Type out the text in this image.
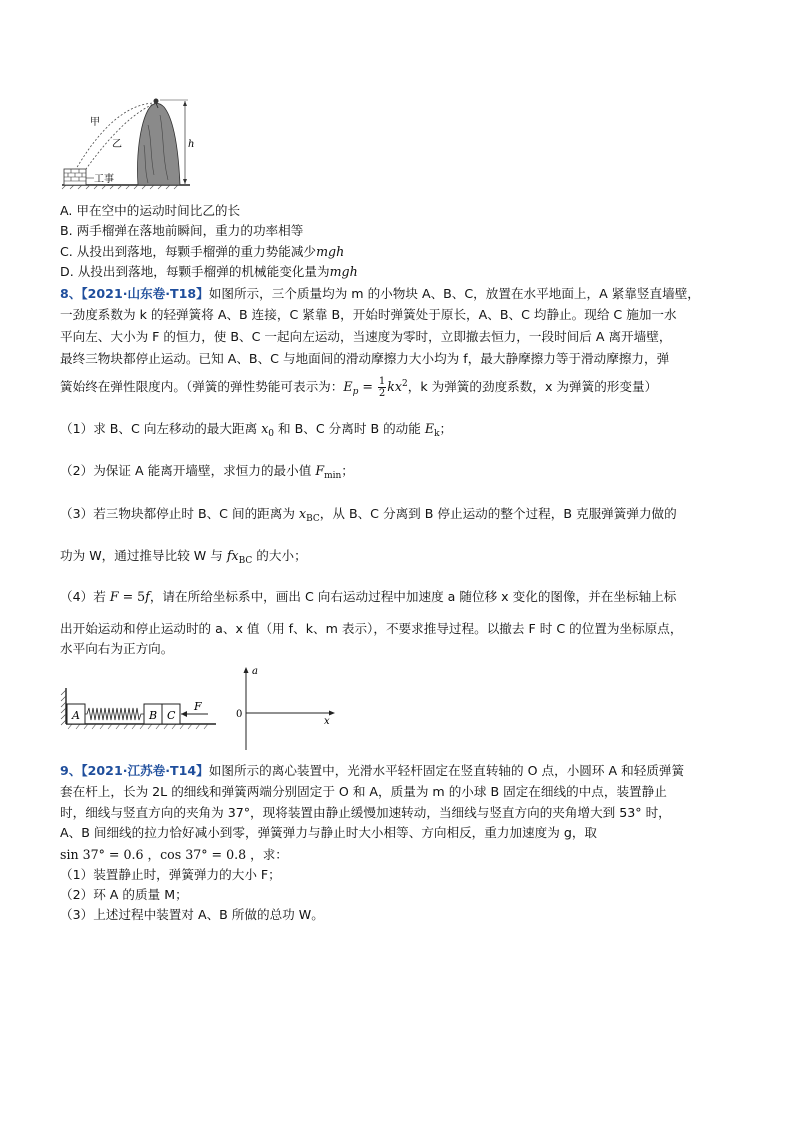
h
甲
乙
工事
A. 甲在空中的运动时间比乙的长
B. 两手榴弹在落地前瞬间，重力的功率相等
C. 从投出到落地，每颗手榴弹的重力势能减少mgh
D. 从投出到落地，每颗手榴弹的机械能变化量为mgh
8、【2021·山东卷·T18】如图所示，三个质量均为 m 的小物块 A、B、C，放置在水平地面上，A 紧靠竖直墙壁，
一劲度系数为 k 的轻弹簧将 A、B 连接，C 紧靠 B，开始时弹簧处于原长，A、B、C 均静止。现给 C 施加一水
平向左、大小为 F 的恒力，使 B、C 一起向左运动，当速度为零时，立即撤去恒力，一段时间后 A 离开墙壁，
最终三物块都停止运动。已知 A、B、C 与地面间的滑动摩擦力大小均为 f，最大静摩擦力等于滑动摩擦力，弹
簧始终在弹性限度内。（弹簧的弹性势能可表示为：$E_p = \frac{1}{2} kx^2$，k 为弹簧的劲度系数，x 为弹簧的形变量）
（1）求 B、C 向左移动的最大距离 $x_0$ 和 B、C 分离时 B 的动能 $E_k$；
（2）为保证 A 能离开墙壁，求恒力的最小值 $F_{min}$；
（3）若三物块都停止时 B、C 间的距离为 $x_{BC}$，从 B、C 分离到 B 停止运动的整个过程，B 克服弹簧弹力做的
功为 W，通过推导比较 W 与 $fx_{BC}$ 的大小；
（4）若 F = 5f，请在所给坐标系中，画出 C 向右运动过程中加速度 a 随位移 x 变化的图像，并在坐标轴上标
出开始运动和停止运动时的 a、x 值（用 f、k、m 表示），不要求推导过程。以撤去 F 时 C 的位置为坐标原点，
水平向右为正方向。
A	B C
F
a
0
x
9、【2021·江苏卷·T14】如图所示的离心装置中，光滑水平轻杆固定在竖直转轴的 O 点，小圆环 A 和轻质弹簧
套在杆上，长为 2L 的细线和弹簧两端分别固定于 O 和 A，质量为 m 的小球 B 固定在细线的中点，装置静止
时，细线与竖直方向的夹角为 37°，现将装置由静止缓慢加速转动，当细线与竖直方向的夹角增大到 53° 时，
A、B 间细线的拉力恰好减小到零，弹簧弹力与静止时大小相等、方向相反，重力加速度为 g，取
sin 37° = 0.6 ，cos 37° = 0.8 ，求：
（1）装置静止时，弹簧弹力的大小 F；
（2）环 A 的质量 M；
（3）上述过程中装置对 A、B 所做的总功 W。
